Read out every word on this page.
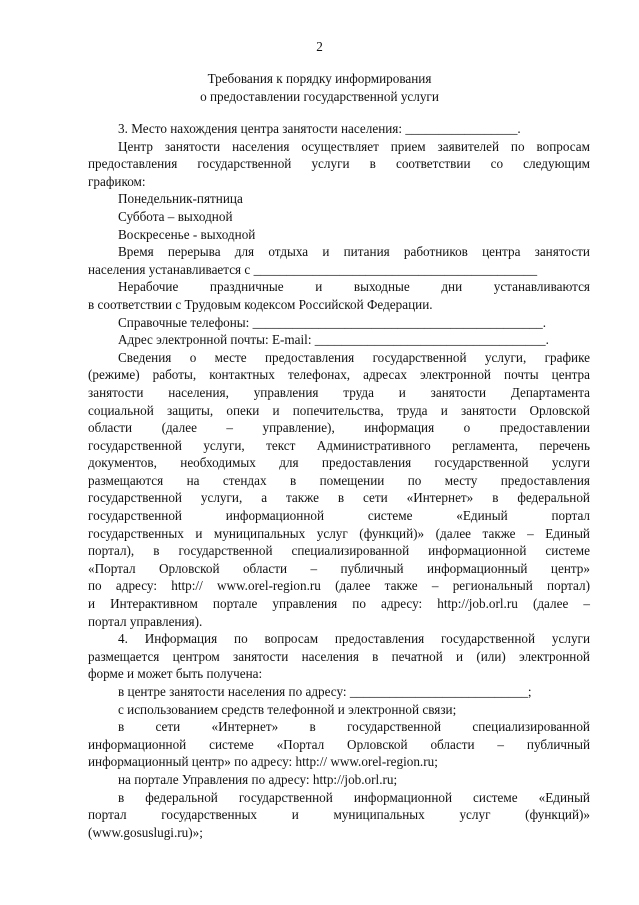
2
Требования к порядку информирования
о предоставлении государственной услуги

3. Место нахождения центра занятости населения: _________________.

Центр занятости населения осуществляет прием заявителей по вопросам

предоставления государственной услуги в соответствии со следующим

графиком:

Понедельник-пятница

Суббота – выходной

Воскресенье - выходной

Время перерыва для отдыха и питания работников центра занятости

населения устанавливается с ___________________________________________

Нерабочие праздничные и выходные дни устанавливаются

в соответствии с Трудовым кодексом Российской Федерации.

Справочные телефоны: ____________________________________________.

Адрес электронной почты: E-mail: ___________________________________.

Сведения о месте предоставления государственной услуги, графике

(режиме) работы, контактных телефонах, адресах электронной почты центра

занятости населения, управления труда и занятости Департамента

социальной защиты, опеки и попечительства, труда и занятости Орловской

области (далее – управление), информация о предоставлении

государственной услуги, текст Административного регламента, перечень

документов, необходимых для предоставления государственной услуги

размещаются на стендах в помещении по месту предоставления

государственной услуги, а также в сети «Интернет» в федеральной

государственной информационной системе «Единый портал

государственных и муниципальных услуг (функций)» (далее также – Единый

портал), в государственной специализированной информационной системе

«Портал Орловской области – публичный информационный центр»

по адресу: http:// www.orel-region.ru (далее также – региональный портал)

и Интерактивном портале управления по адресу: http://job.orl.ru (далее –

портал управления).

4. Информация по вопросам предоставления государственной услуги

размещается центром занятости населения в печатной и (или) электронной

форме и может быть получена:

в центре занятости населения по адресу: ___________________________;

с использованием средств телефонной и электронной связи;

в сети «Интернет» в государственной специализированной

информационной системе «Портал Орловской области – публичный

информационный центр» по адресу: http:// www.orel-region.ru;

на портале Управления по адресу: http://job.orl.ru;

в федеральной государственной информационной системе «Единый

портал государственных и муниципальных услуг (функций)»

(www.gosuslugi.ru)»;
